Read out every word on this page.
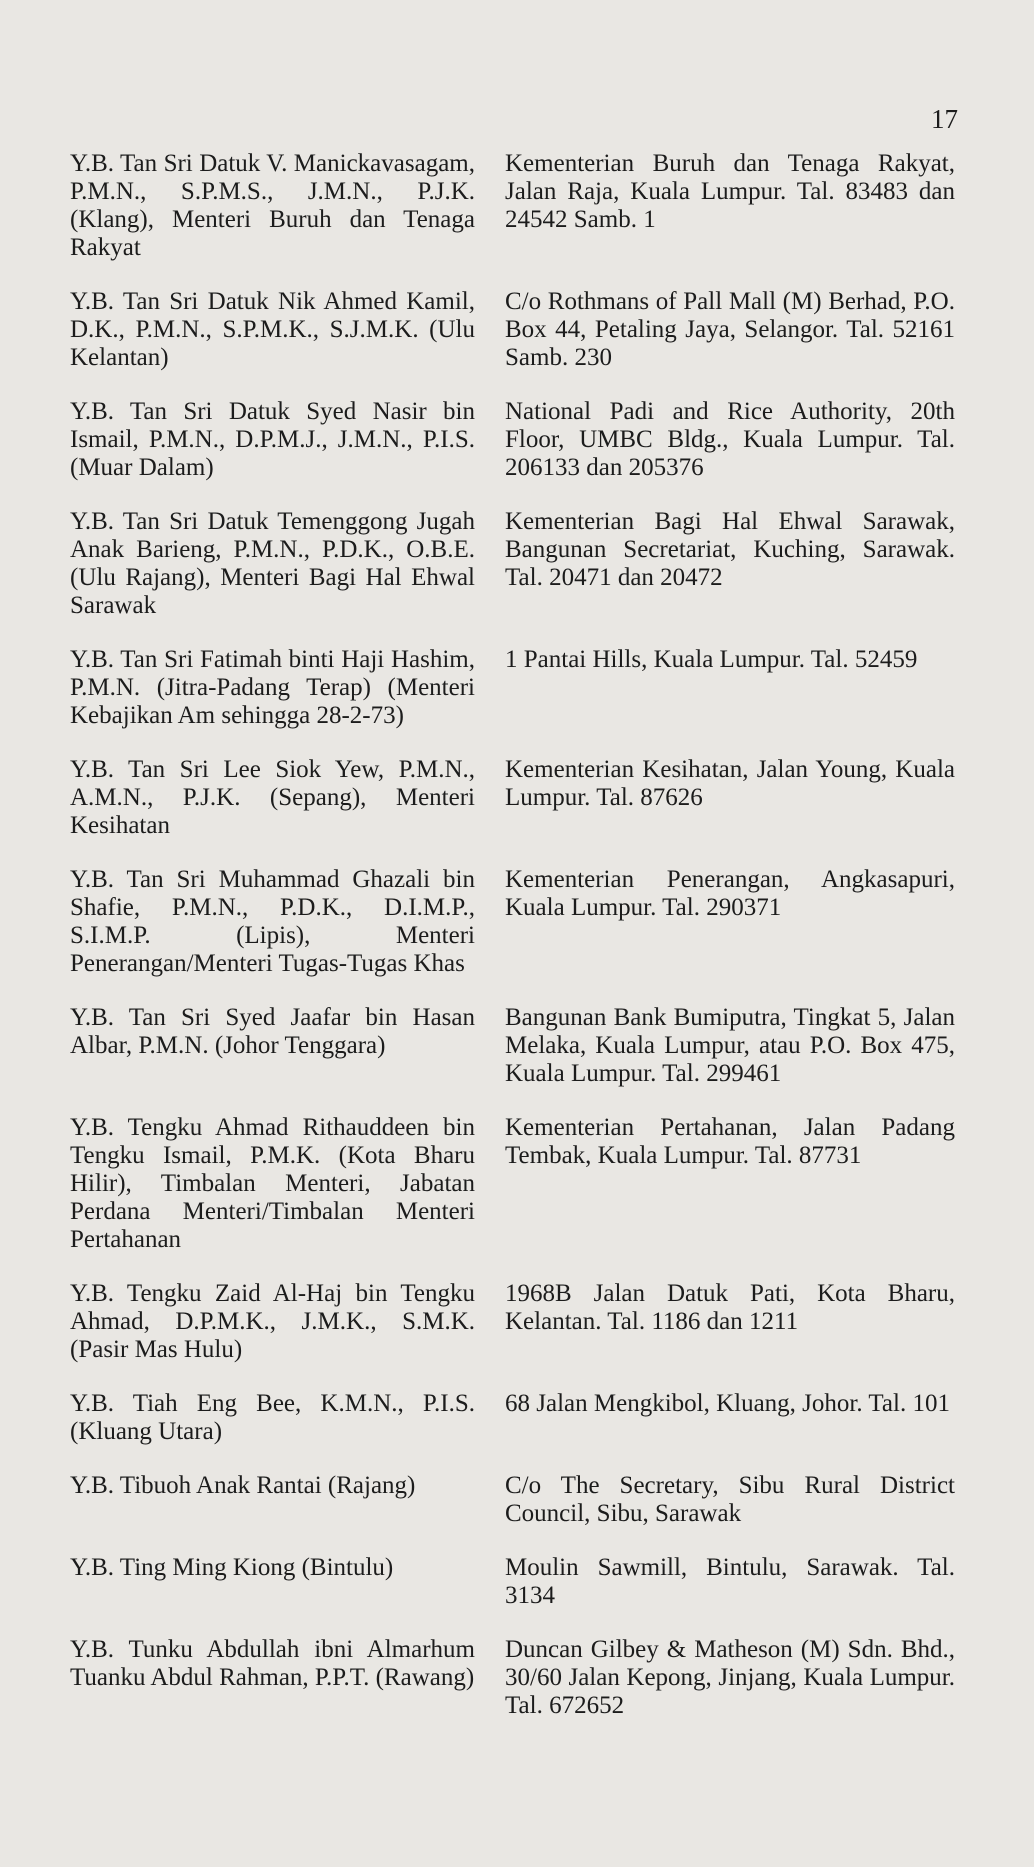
17
Y.B. Tan Sri Datuk V. Manickavasagam, P.M.N., S.P.M.S., J.M.N., P.J.K. (Klang), Menteri Buruh dan Tenaga Rakyat
Kementerian Buruh dan Tenaga Rakyat, Jalan Raja, Kuala Lumpur. Tal. 83483 dan 24542 Samb. 1
Y.B. Tan Sri Datuk Nik Ahmed Kamil, D.K., P.M.N., S.P.M.K., S.J.M.K. (Ulu Kelantan)
C/o Rothmans of Pall Mall (M) Berhad, P.O. Box 44, Petaling Jaya, Selangor. Tal. 52161 Samb. 230
Y.B. Tan Sri Datuk Syed Nasir bin Ismail, P.M.N., D.P.M.J., J.M.N., P.I.S. (Muar Dalam)
National Padi and Rice Authority, 20th Floor, UMBC Bldg., Kuala Lumpur. Tal. 206133 dan 205376
Y.B. Tan Sri Datuk Temenggong Jugah Anak Barieng, P.M.N., P.D.K., O.B.E. (Ulu Rajang), Menteri Bagi Hal Ehwal Sarawak
Kementerian Bagi Hal Ehwal Sarawak, Bangunan Secretariat, Kuching, Sarawak. Tal. 20471 dan 20472
Y.B. Tan Sri Fatimah binti Haji Hashim, P.M.N. (Jitra-Padang Terap) (Menteri Kebajikan Am sehingga 28-2-73)
1 Pantai Hills, Kuala Lumpur. Tal. 52459
Y.B. Tan Sri Lee Siok Yew, P.M.N., A.M.N., P.J.K. (Sepang), Menteri Kesihatan
Kementerian Kesihatan, Jalan Young, Kuala Lumpur. Tal. 87626
Y.B. Tan Sri Muhammad Ghazali bin Shafie, P.M.N., P.D.K., D.I.M.P., S.I.M.P. (Lipis), Menteri Penerangan/Menteri Tugas-Tugas Khas
Kementerian Penerangan, Angkasapuri, Kuala Lumpur. Tal. 290371
Y.B. Tan Sri Syed Jaafar bin Hasan Albar, P.M.N. (Johor Tenggara)
Bangunan Bank Bumiputra, Tingkat 5, Jalan Melaka, Kuala Lumpur, atau P.O. Box 475, Kuala Lumpur. Tal. 299461
Y.B. Tengku Ahmad Rithauddeen bin Tengku Ismail, P.M.K. (Kota Bharu Hilir), Timbalan Menteri, Jabatan Perdana Menteri/Timbalan Menteri Pertahanan
Kementerian Pertahanan, Jalan Padang Tembak, Kuala Lumpur. Tal. 87731
Y.B. Tengku Zaid Al-Haj bin Tengku Ahmad, D.P.M.K., J.M.K., S.M.K. (Pasir Mas Hulu)
1968B Jalan Datuk Pati, Kota Bharu, Kelantan. Tal. 1186 dan 1211
Y.B. Tiah Eng Bee, K.M.N., P.I.S. (Kluang Utara)
68 Jalan Mengkibol, Kluang, Johor. Tal. 101
Y.B. Tibuoh Anak Rantai (Rajang)	C/o The Secretary, Sibu Rural District Council, Sibu, Sarawak
Y.B. Ting Ming Kiong (Bintulu)	Moulin Sawmill, Bintulu, Sarawak. Tal. 3134
Y.B. Tunku Abdullah ibni Almarhum Tuanku Abdul Rahman, P.P.T. (Rawang)
Duncan Gilbey & Matheson (M) Sdn. Bhd., 30/60 Jalan Kepong, Jinjang, Kuala Lumpur. Tal. 672652
